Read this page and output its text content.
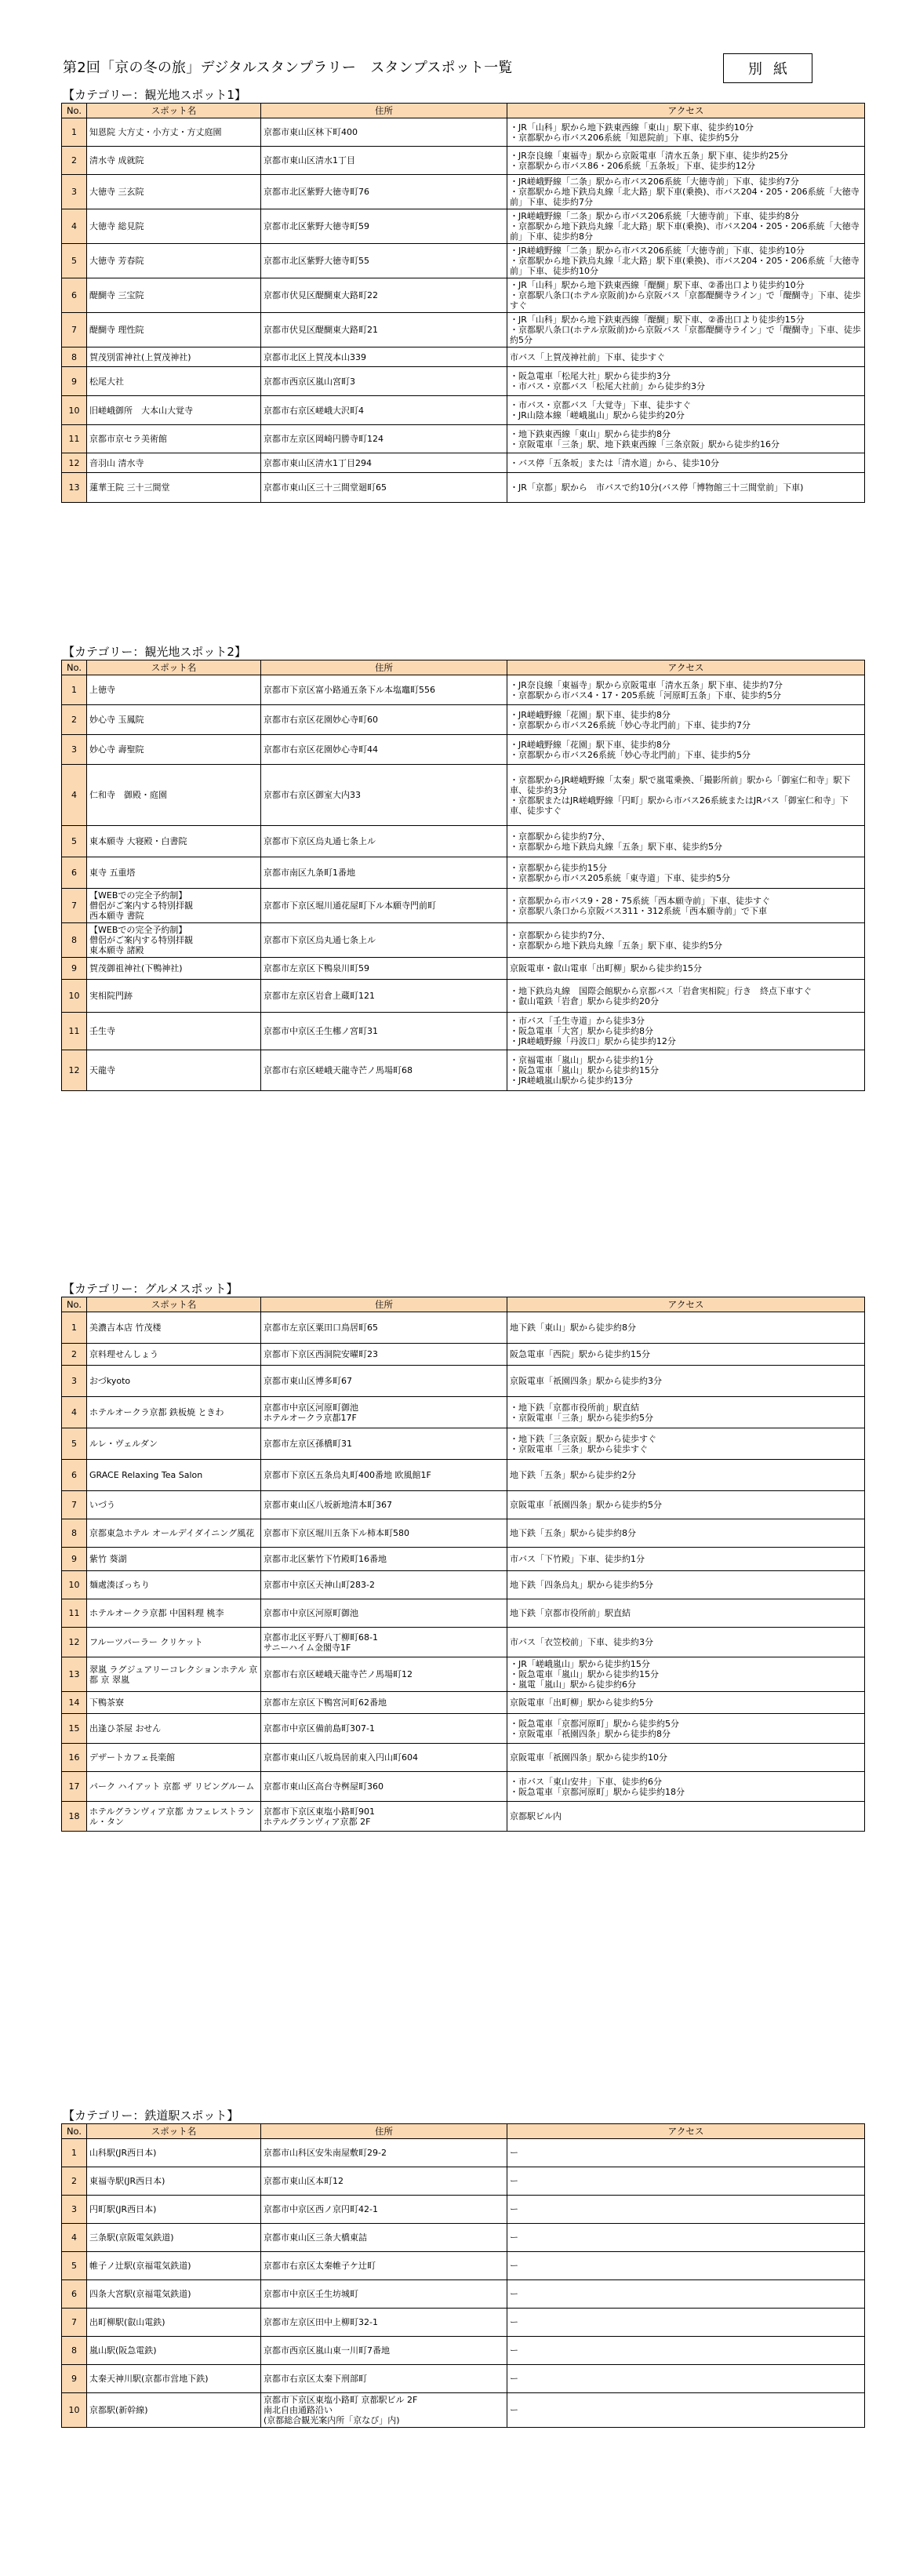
第2回「京の冬の旅」デジタルスタンプラリー　スタンプスポット一覧	別紙
【カテゴリー：観光地スポット1】
No.	スポット名	住所	アクセス
1	知恩院 大方丈・小方丈・方丈庭園	京都市東山区林下町400	・JR「山科」駅から地下鉄東西線「東山」駅下車、徒歩約10分
・京都駅から市バス206系統「知恩院前」下車、徒歩約5分
2	清水寺 成就院	京都市東山区清水1丁目	・JR奈良線「東福寺」駅から京阪電車「清水五条」駅下車、徒歩約25分
・京都駅から市バス86・206系統「五条坂」下車、徒歩約12分
3	大徳寺 三玄院	京都市北区紫野大徳寺町76	・JR嵯峨野線「二条」駅から市バス206系統「大徳寺前」下車、徒歩約7分
・京都駅から地下鉄烏丸線「北大路」駅下車(乗換)、市バス204・205・206系統「大徳寺前」下車、徒歩約7分
4	大徳寺 総見院	京都市北区紫野大徳寺町59	・JR嵯峨野線「二条」駅から市バス206系統「大徳寺前」下車、徒歩約8分
・京都駅から地下鉄烏丸線「北大路」駅下車(乗換)、市バス204・205・206系統「大徳寺前」下車、徒歩約8分
5	大徳寺 芳春院	京都市北区紫野大徳寺町55	・JR嵯峨野線「二条」駅から市バス206系統「大徳寺前」下車、徒歩約10分
・京都駅から地下鉄烏丸線「北大路」駅下車(乗換)、市バス204・205・206系統「大徳寺前」下車、徒歩約10分
6	醍醐寺 三宝院	京都市伏見区醍醐東大路町22	・JR「山科」駅から地下鉄東西線「醍醐」駅下車、②番出口より徒歩約10分
・京都駅八条口(ホテル京阪前)から京阪バス「京都醍醐寺ライン」で「醍醐寺」下車、徒歩すぐ
7	醍醐寺 理性院	京都市伏見区醍醐東大路町21	・JR「山科」駅から地下鉄東西線「醍醐」駅下車、②番出口より徒歩約15分
・京都駅八条口(ホテル京阪前)から京阪バス「京都醍醐寺ライン」で「醍醐寺」下車、徒歩約5分
8	賀茂別雷神社(上賀茂神社)	京都市北区上賀茂本山339	市バス「上賀茂神社前」下車、徒歩すぐ
9	松尾大社	京都市西京区嵐山宮町3	・阪急電車「松尾大社」駅から徒歩約3分
・市バス・京都バス「松尾大社前」から徒歩約3分
10	旧嵯峨御所　大本山大覚寺	京都市右京区嵯峨大沢町4	・市バス・京都バス「大覚寺」下車、徒歩すぐ
・JR山陰本線「嵯峨嵐山」駅から徒歩約20分
11	京都市京セラ美術館	京都市左京区岡崎円勝寺町124	・地下鉄東西線「東山」駅から徒歩約8分
・京阪電車「三条」駅、地下鉄東西線「三条京阪」駅から徒歩約16分
12	音羽山 清水寺	京都市東山区清水1丁目294	・バス停「五条坂」または「清水道」から、徒歩10分
13	蓮華王院 三十三間堂	京都市東山区三十三間堂廻町65	・JR「京都」駅から　市バスで約10分(バス停「博物館三十三間堂前」下車)
【カテゴリー：観光地スポット2】
No.	スポット名	住所	アクセス
1	上徳寺	京都市下京区富小路通五条下ル本塩竈町556	・JR奈良線「東福寺」駅から京阪電車「清水五条」駅下車、徒歩約7分
・京都駅から市バス4・17・205系統「河原町五条」下車、徒歩約5分
2	妙心寺 玉鳳院	京都市右京区花園妙心寺町60	・JR嵯峨野線「花園」駅下車、徒歩約8分
・京都駅から市バス26系統「妙心寺北門前」下車、徒歩約7分
3	妙心寺 壽聖院	京都市右京区花園妙心寺町44	・JR嵯峨野線「花園」駅下車、徒歩約8分
・京都駅から市バス26系統「妙心寺北門前」下車、徒歩約5分
4	仁和寺　御殿・庭園	京都市右京区御室大内33	・京都駅からJR嵯峨野線「太秦」駅で嵐電乗換、「撮影所前」駅から「御室仁和寺」駅下車、徒歩約3分
・京都駅またはJR嵯峨野線「円町」駅から市バス26系統またはJRバス「御室仁和寺」下車、徒歩すぐ
5	東本願寺 大寝殿・白書院	京都市下京区烏丸通七条上ル	・京都駅から徒歩約7分、
・京都駅から地下鉄烏丸線「五条」駅下車、徒歩約5分
6	東寺 五重塔	京都市南区九条町1番地	・京都駅から徒歩約15分
・京都駅から市バス205系統「東寺道」下車、徒歩約5分
7	【WEBでの完全予約制】
僧侶がご案内する特別拝観
西本願寺 書院	京都市下京区堀川通花屋町下ル本願寺門前町	・京都駅から市バス9・28・75系統「西本願寺前」下車、徒歩すぐ
・京都駅八条口から京阪バス311・312系統「西本願寺前」で下車
8	【WEBでの完全予約制】
僧侶がご案内する特別拝観
東本願寺 諸殿	京都市下京区烏丸通七条上ル	・京都駅から徒歩約7分、
・京都駅から地下鉄烏丸線「五条」駅下車、徒歩約5分
9	賀茂御祖神社(下鴨神社)	京都市左京区下鴨泉川町59	京阪電車・叡山電車「出町柳」駅から徒歩約15分
10	実相院門跡	京都市左京区岩倉上蔵町121	・地下鉄烏丸線　国際会館駅から京都バス「岩倉実相院」行き　終点下車すぐ
・叡山電鉄「岩倉」駅から徒歩約20分
11	壬生寺	京都市中京区壬生梛ノ宮町31	・市バス「壬生寺道」から徒歩3分
・阪急電車「大宮」駅から徒歩約8分
・JR嵯峨野線「丹波口」駅から徒歩約12分
12	天龍寺	京都市右京区嵯峨天龍寺芒ノ馬場町68	・京福電車「嵐山」駅から徒歩約1分
・阪急電車「嵐山」駅から徒歩約15分
・JR嵯峨嵐山駅から徒歩約13分
【カテゴリー：グルメスポット】
No.	スポット名	住所	アクセス
1	美濃吉本店 竹茂楼	京都市左京区粟田口鳥居町65	地下鉄「東山」駅から徒歩約8分
2	京料理せんしょう	京都市下京区西洞院安曜町23	阪急電車「西院」駅から徒歩約15分
3	おづkyoto	京都市東山区博多町67	京阪電車「祇園四条」駅から徒歩約3分
4	ホテルオークラ京都 鉄板焼 ときわ	京都市中京区河原町御池
ホテルオークラ京都17F	・地下鉄「京都市役所前」駅直結
・京阪電車「三条」駅から徒歩約5分
5	ルレ・ヴェルダン	京都市左京区孫橋町31	・地下鉄「三条京阪」駅から徒歩すぐ
・京阪電車「三条」駅から徒歩すぐ
6	GRACE Relaxing Tea Salon	京都市下京区五条烏丸町400番地 欧風館1F	地下鉄「五条」駅から徒歩約2分
7	いづう	京都市東山区八坂新地清本町367	京阪電車「祇園四条」駅から徒歩約5分
8	京都東急ホテル オールデイダイニング風花	京都市下京区堀川五条下ル柿本町580	地下鉄「五条」駅から徒歩約8分
9	紫竹 葵湖	京都市北区紫竹下竹殿町16番地	市バス「下竹殿」下車、徒歩約1分
10	麺處湊ぼっちり	京都市中京区天神山町283-2	地下鉄「四条烏丸」駅から徒歩約5分
11	ホテルオークラ京都 中国料理 桃李	京都市中京区河原町御池	地下鉄「京都市役所前」駅直結
12	フルーツパーラー クリケット	京都市北区平野八丁柳町68-1
サニーハイム金閣寺1F	市バス「衣笠校前」下車、徒歩約3分
13	翠嵐 ラグジュアリーコレクションホテル 京都 京 翠嵐	京都市右京区嵯峨天龍寺芒ノ馬場町12	・JR「嵯峨嵐山」駅から徒歩約15分
・阪急電車「嵐山」駅から徒歩約15分
・嵐電「嵐山」駅から徒歩約6分
14	下鴨茶寮	京都市左京区下鴨宮河町62番地	京阪電車「出町柳」駅から徒歩約5分
15	出逢ひ茶屋 おせん	京都市中京区備前島町307-1	・阪急電車「京都河原町」駅から徒歩約5分
・京阪電車「祇園四条」駅から徒歩約8分
16	デザートカフェ長楽館	京都市東山区八坂鳥居前東入円山町604	京阪電車「祇園四条」駅から徒歩約10分
17	パーク ハイアット 京都 ザ リビングルーム	京都市東山区高台寺桝屋町360	・市バス「東山安井」下車、徒歩約6分
・阪急電車「京都河原町」駅から徒歩約18分
18	ホテルグランヴィア京都 カフェレストラン ル・タン	京都市下京区東塩小路町901
ホテルグランヴィア京都 2F	京都駅ビル内
【カテゴリー：鉄道駅スポット】
No.	スポット名	住所	アクセス
1	山科駅(JR西日本)	京都市山科区安朱南屋敷町29-2	ー
2	東福寺駅(JR西日本)	京都市東山区本町12	ー
3	円町駅(JR西日本)	京都市中京区西ノ京円町42-1	ー
4	三条駅(京阪電気鉄道)	京都市東山区三条大橋東詰	ー
5	帷子ノ辻駅(京福電気鉄道)	京都市右京区太秦帷子ケ辻町	ー
6	四条大宮駅(京福電気鉄道)	京都市中京区壬生坊城町	ー
7	出町柳駅(叡山電鉄)	京都市左京区田中上柳町32-1	ー
8	嵐山駅(阪急電鉄)	京都市西京区嵐山東一川町7番地	ー
9	太秦天神川駅(京都市営地下鉄)	京都市右京区太秦下刑部町	ー
10	京都駅(新幹線)	京都市下京区東塩小路町 京都駅ビル 2F
南北自由通路沿い
(京都総合観光案内所「京なび」内)	ー
